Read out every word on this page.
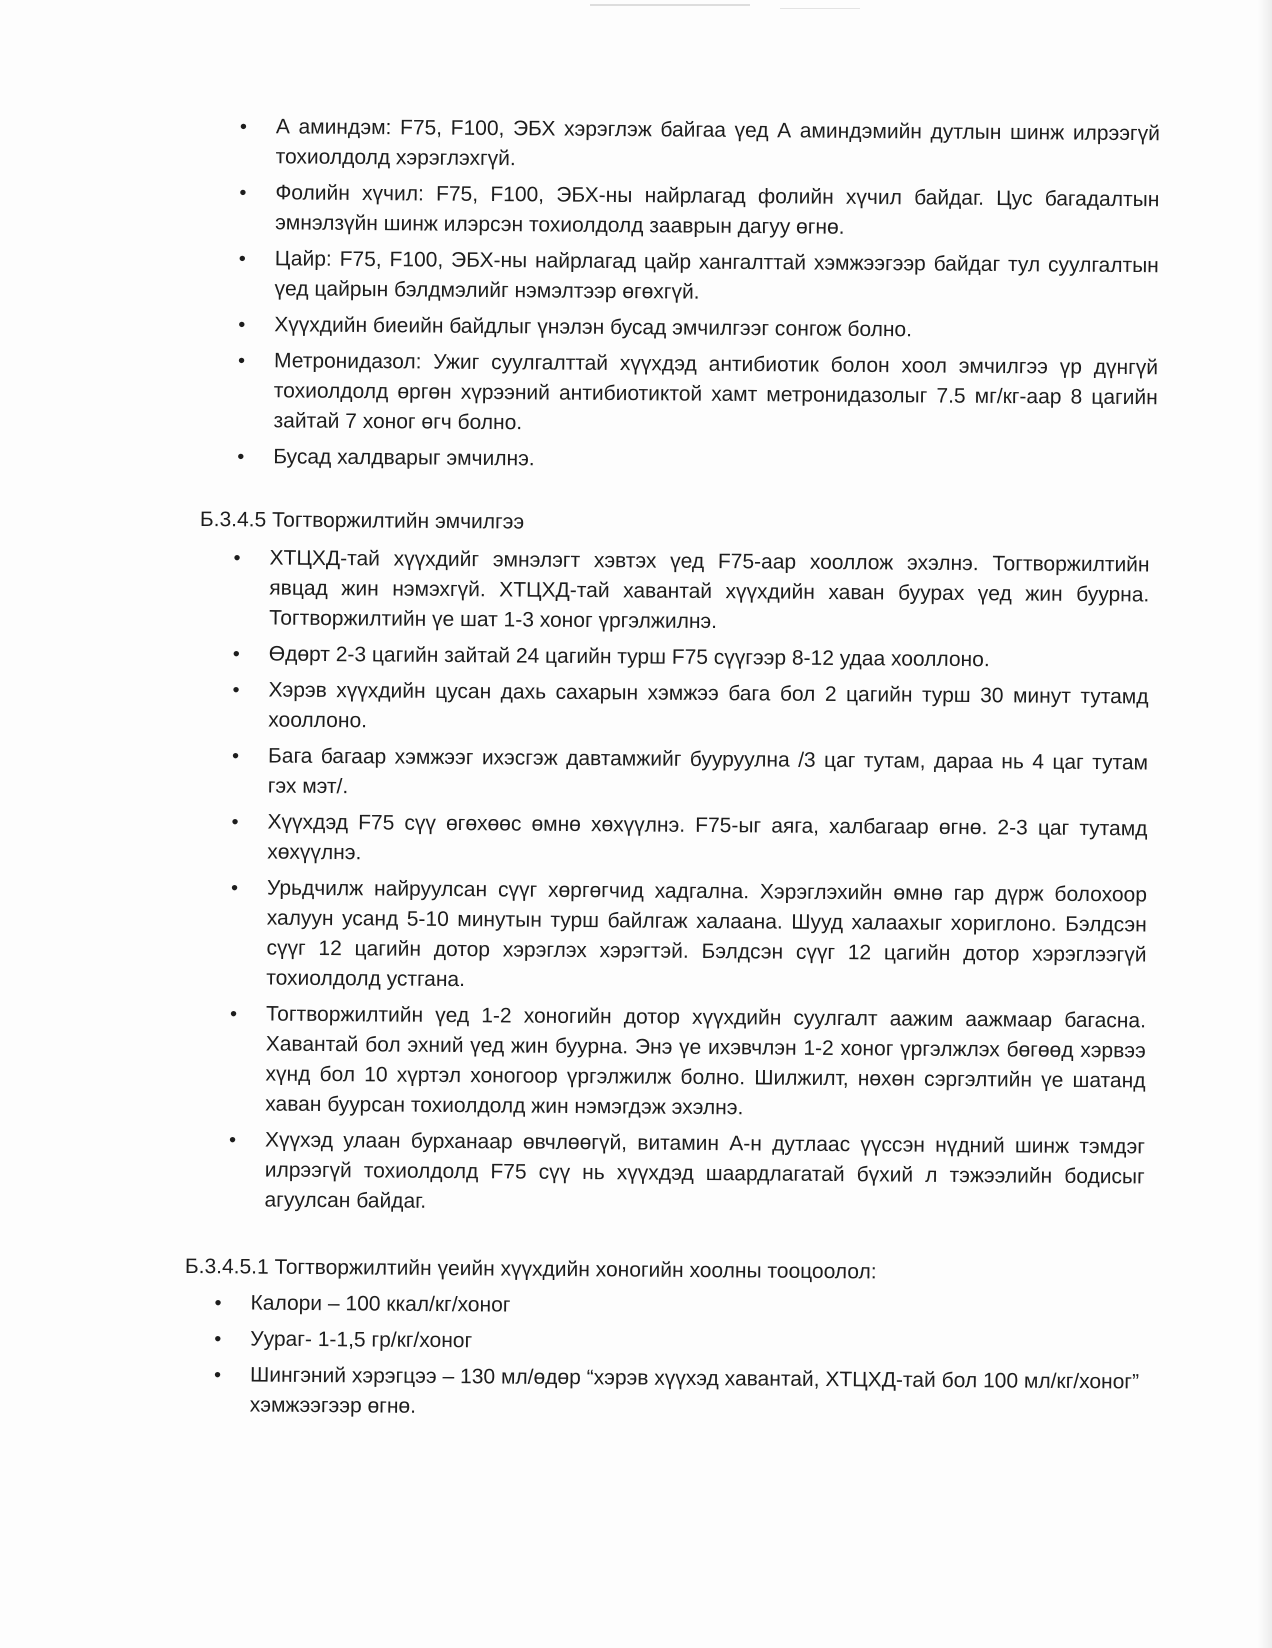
• А аминдэм: F75, F100, ЭБХ хэрэглэж байгаа үед А аминдэмийн дутлын шинж илрээгүй тохиолдолд хэрэглэхгүй.
• Фолийн хүчил: F75, F100, ЭБХ-ны найрлагад фолийн хүчил байдаг. Цус багадалтын эмнэлзүйн шинж илэрсэн тохиолдолд зааврын дагуу өгнө.
• Цайр: F75, F100, ЭБХ-ны найрлагад цайр хангалттай хэмжээгээр байдаг тул суулгалтын үед цайрын бэлдмэлийг нэмэлтээр өгөхгүй.
• Хүүхдийн биеийн байдлыг үнэлэн бусад эмчилгээг сонгож болно.
• Метронидазол: Ужиг суулгалттай хүүхдэд антибиотик болон хоол эмчилгээ үр дүнгүй тохиолдолд өргөн хүрээний антибиотиктой хамт метронидазолыг 7.5 мг/кг-аар 8 цагийн зайтай 7 хоног өгч болно.
• Бусад халдварыг эмчилнэ.
Б.3.4.5 Тогтворжилтийн эмчилгээ
• ХТЦХД-тай хүүхдийг эмнэлэгт хэвтэх үед F75-аар хооллож эхэлнэ. Тогтворжилтийн явцад жин нэмэхгүй. ХТЦХД-тай хавантай хүүхдийн хаван буурах үед жин буурна. Тогтворжилтийн үе шат 1-3 хоног үргэлжилнэ.
• Өдөрт 2-3 цагийн зайтай 24 цагийн турш F75 сүүгээр 8-12 удаа хооллоно.
• Хэрэв хүүхдийн цусан дахь сахарын хэмжээ бага бол 2 цагийн турш 30 минут тутамд хооллоно.
• Бага багаар хэмжээг ихэсгэж давтамжийг бууруулна /3 цаг тутам, дараа нь 4 цаг тутам гэх мэт/.
• Хүүхдэд F75 сүү өгөхөөс өмнө хөхүүлнэ. F75-ыг аяга, халбагаар өгнө. 2-3 цаг тутамд хөхүүлнэ.
• Урьдчилж найруулсан сүүг хөргөгчид хадгална. Хэрэглэхийн өмнө гар дүрж болохоор халуун усанд 5-10 минутын турш байлгаж халаана. Шууд халаахыг хориглоно. Бэлдсэн сүүг 12 цагийн дотор хэрэглэх хэрэгтэй. Бэлдсэн сүүг 12 цагийн дотор хэрэглээгүй тохиолдолд устгана.
• Тогтворжилтийн үед 1-2 хоногийн дотор хүүхдийн суулгалт аажим аажмаар багасна. Хавантай бол эхний үед жин буурна. Энэ үе ихэвчлэн 1-2 хоног үргэлжлэх бөгөөд хэрвээ хүнд бол 10 хүртэл хоногоор үргэлжилж болно. Шилжилт, нөхөн сэргэлтийн үе шатанд хаван буурсан тохиолдолд жин нэмэгдэж эхэлнэ.
• Хүүхэд улаан бурханаар өвчлөөгүй, витамин А-н дутлаас үүссэн нүдний шинж тэмдэг илрээгүй тохиолдолд F75 сүү нь хүүхдэд шаардлагатай бүхий л тэжээлийн бодисыг агуулсан байдаг.
Б.3.4.5.1 Тогтворжилтийн үеийн хүүхдийн хоногийн хоолны тооцоолол:
• Калори – 100 ккал/кг/хоног
• Уураг- 1-1,5 гр/кг/хоног
• Шингэний хэрэгцээ – 130 мл/өдөр “хэрэв хүүхэд хавантай, ХТЦХД-тай бол 100 мл/кг/хоног” хэмжээгээр өгнө.
